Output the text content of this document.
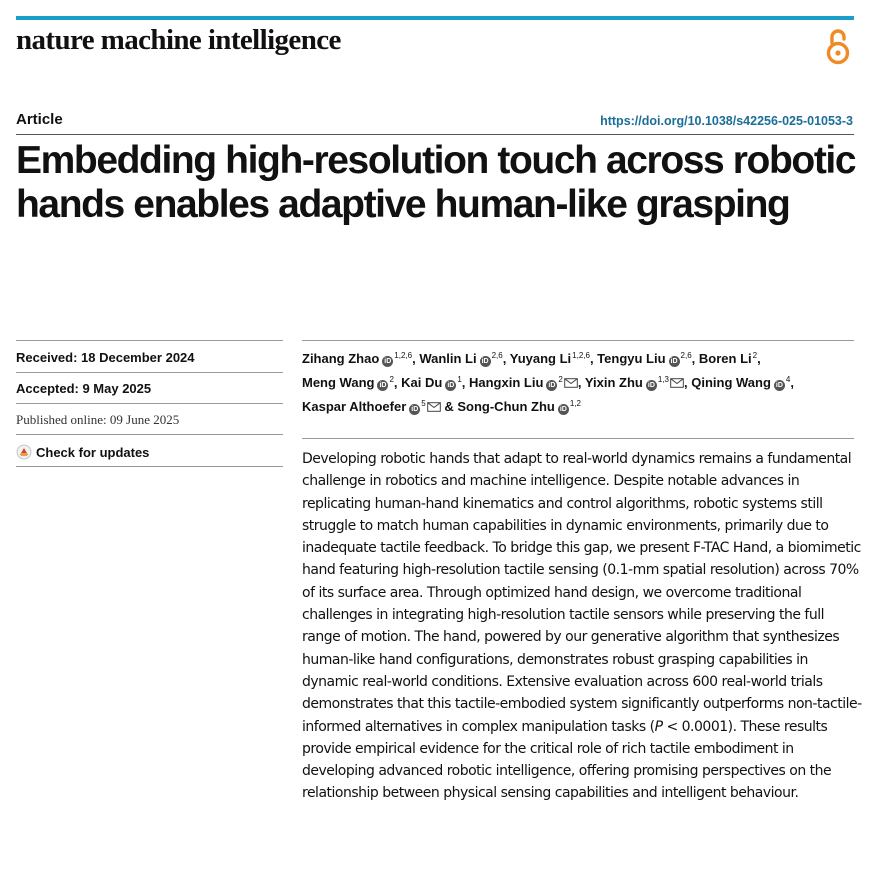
nature machine intelligence
Article	https://doi.org/10.1038/s42256-025-01053-3
Embedding high-resolution touch across robotic hands enables adaptive human-like grasping
Received: 18 December 2024
Accepted: 9 May 2025
Published online: 09 June 2025
Check for updates
Zihang Zhao iD$^{1,2,6}$, Wanlin Li iD$^{2,6}$, Yuyang Li$^{1,2,6}$, Tengyu Liu iD$^{2,6}$, Boren Li$^2$,
Meng Wang iD$^2$, Kai Du iD$^1$, Hangxin Liu iD$^2$ , Yixin Zhu iD$^{1,3}$ , Qining Wang iD$^4$,
Kaspar Althoefer iD$^5$ & Song-Chun Zhu iD$^{1,2}$

Developing robotic hands that adapt to real-world dynamics remains a fundamental challenge in robotics and machine intelligence. Despite notable advances in replicating human-hand kinematics and control algorithms, robotic systems still struggle to match human capabilities in dynamic environments, primarily due to inadequate tactile feedback. To bridge this gap, we present F-TAC Hand, a biomimetic hand featuring high-resolution tactile sensing (0.1-mm spatial resolution) across 70% of its surface area. Through optimized hand design, we overcome traditional challenges in integrating high-resolution tactile sensors while preserving the full range of motion. The hand, powered by our generative algorithm that synthesizes human-like hand configurations, demonstrates robust grasping capabilities in dynamic real-world conditions. Extensive evaluation across 600 real-world trials demonstrates that this tactile-embodied system significantly outperforms non-tactile-informed alternatives in complex manipulation tasks (P < 0.0001). These results provide empirical evidence for the critical role of rich tactile embodiment in developing advanced robotic intelligence, offering promising perspectives on the relationship between physical sensing capabilities and intelligent behaviour.
